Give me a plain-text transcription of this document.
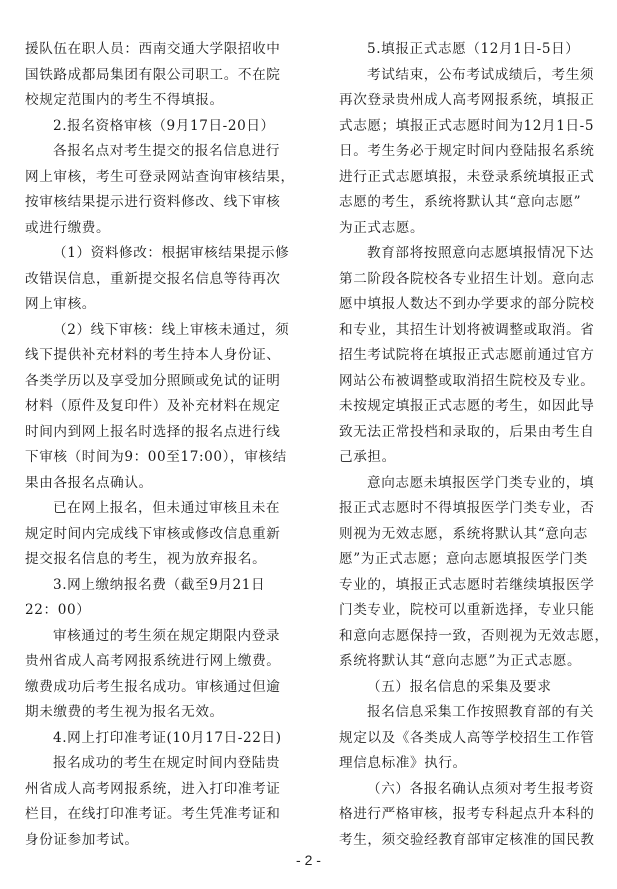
援队伍在职人员：西南交通大学限招收中
国铁路成都局集团有限公司职工。不在院
校规定范围内的考生不得填报。
2.报名资格审核（9月17日-20日）
各报名点对考生提交的报名信息进行
网上审核，考生可登录网站查询审核结果，
按审核结果提示进行资料修改、线下审核
或进行缴费。
（1）资料修改：根据审核结果提示修
改错误信息，重新提交报名信息等待再次
网上审核。
（2）线下审核：线上审核未通过，须
线下提供补充材料的考生持本人身份证、
各类学历以及享受加分照顾或免试的证明
材料（原件及复印件）及补充材料在规定
时间内到网上报名时选择的报名点进行线
下审核（时间为9：00至17:00），审核结
果由各报名点确认。
已在网上报名，但未通过审核且未在
规定时间内完成线下审核或修改信息重新
提交报名信息的考生，视为放弃报名。
3.网上缴纳报名费（截至9月21日
22：00）
审核通过的考生须在规定期限内登录
贵州省成人高考网报系统进行网上缴费。
缴费成功后考生报名成功。审核通过但逾
期未缴费的考生视为报名无效。
4.网上打印准考证(10月17日-22日)
报名成功的考生在规定时间内登陆贵
州省成人高考网报系统，进入打印准考证
栏目，在线打印准考证。考生凭准考证和
身份证参加考试。
5.填报正式志愿（12月1日-5日）
考试结束，公布考试成绩后，考生须
再次登录贵州成人高考网报系统，填报正
式志愿；填报正式志愿时间为12月1日-5
日。考生务必于规定时间内登陆报名系统
进行正式志愿填报，未登录系统填报正式
志愿的考生，系统将默认其“意向志愿”
为正式志愿。
教育部将按照意向志愿填报情况下达
第二阶段各院校各专业招生计划。意向志
愿中填报人数达不到办学要求的部分院校
和专业，其招生计划将被调整或取消。省
招生考试院将在填报正式志愿前通过官方
网站公布被调整或取消招生院校及专业。
未按规定填报正式志愿的考生，如因此导
致无法正常投档和录取的，后果由考生自
己承担。
意向志愿未填报医学门类专业的，填
报正式志愿时不得填报医学门类专业，否
则视为无效志愿，系统将默认其“意向志
愿”为正式志愿；意向志愿填报医学门类
专业的，填报正式志愿时若继续填报医学
门类专业，院校可以重新选择，专业只能
和意向志愿保持一致，否则视为无效志愿，
系统将默认其“意向志愿”为正式志愿。
（五）报名信息的采集及要求
报名信息采集工作按照教育部的有关
规定以及《各类成人高等学校招生工作管
理信息标准》执行。
（六）各报名确认点须对考生报考资
格进行严格审核，报考专科起点升本科的
考生，须交验经教育部审定核准的国民教
- 2 -
